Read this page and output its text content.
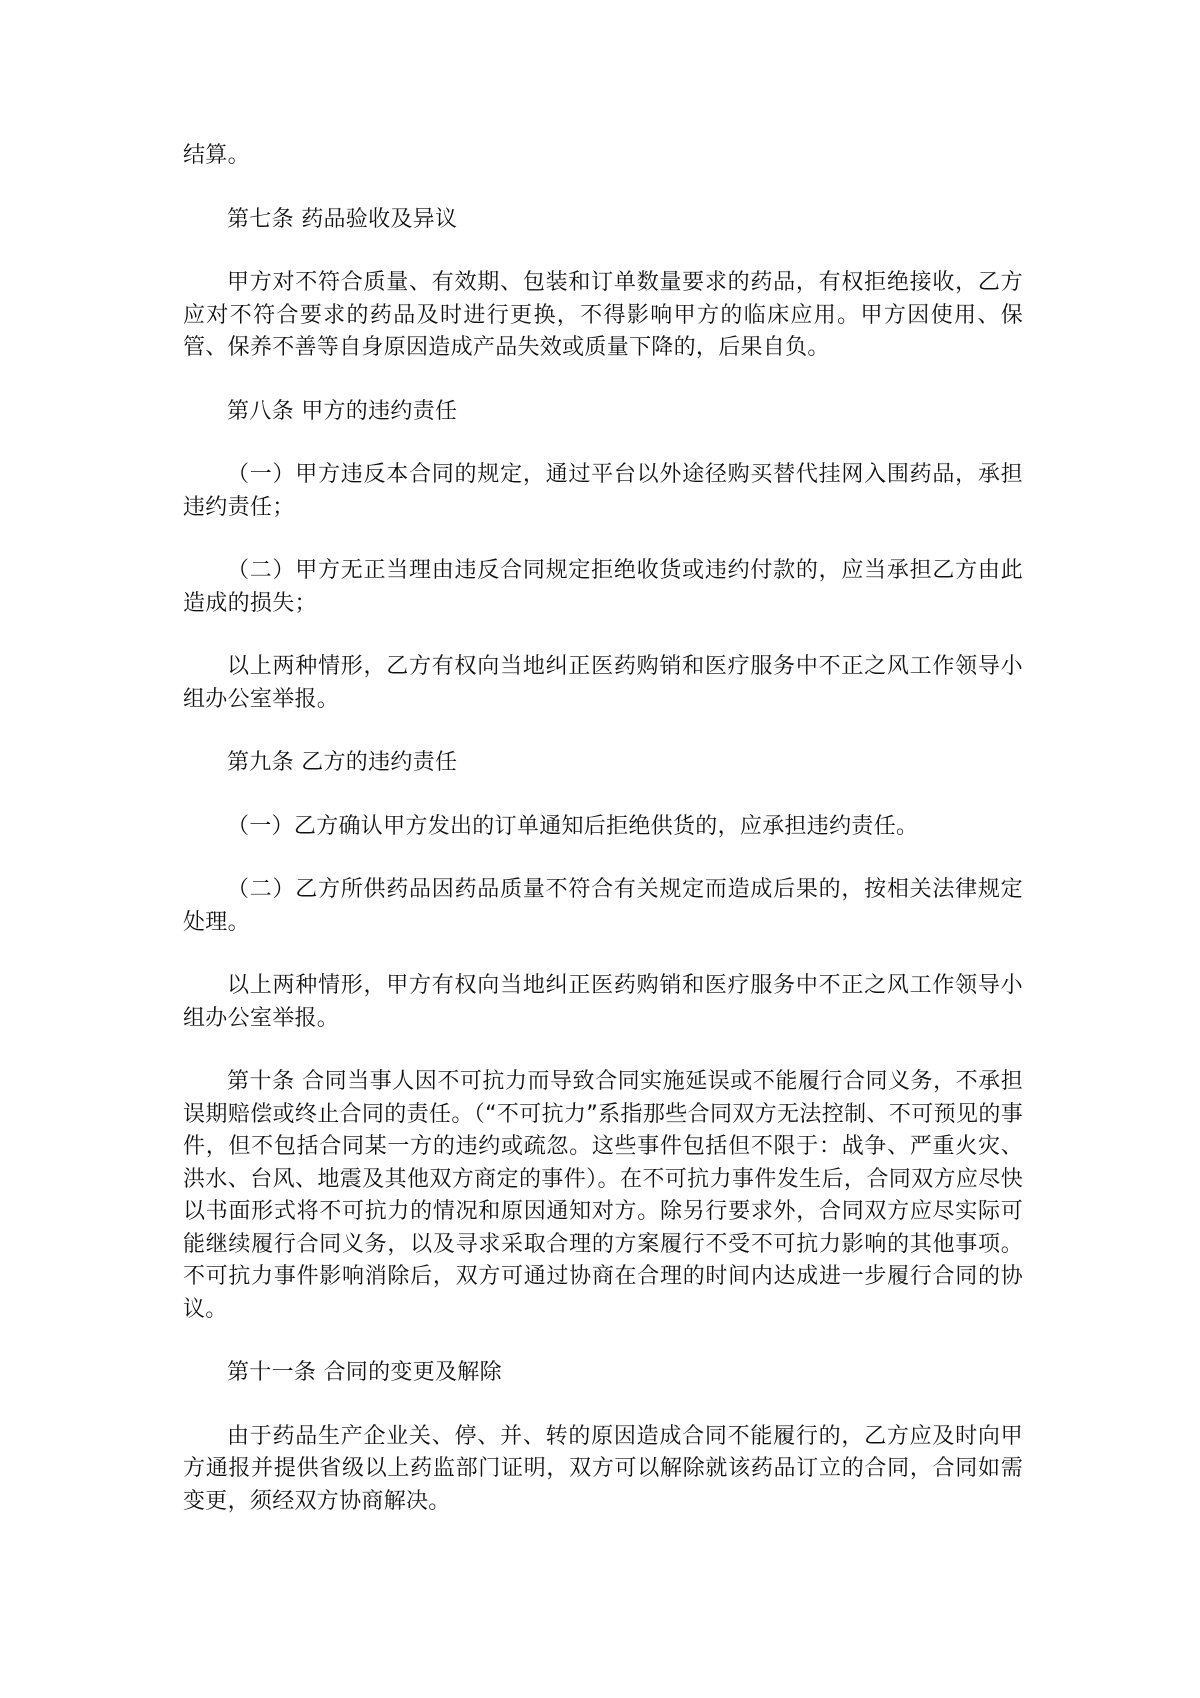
结算。

第七条 药品验收及异议

甲方对不符合质量、有效期、包装和订单数量要求的药品，有权拒绝接收，乙方应对不符合要求的药品及时进行更换，不得影响甲方的临床应用。甲方因使用、保管、保养不善等自身原因造成产品失效或质量下降的，后果自负。

第八条 甲方的违约责任

（一）甲方违反本合同的规定，通过平台以外途径购买替代挂网入围药品，承担违约责任；

（二）甲方无正当理由违反合同规定拒绝收货或违约付款的，应当承担乙方由此造成的损失；

以上两种情形，乙方有权向当地纠正医药购销和医疗服务中不正之风工作领导小组办公室举报。

第九条 乙方的违约责任

（一）乙方确认甲方发出的订单通知后拒绝供货的，应承担违约责任。

（二）乙方所供药品因药品质量不符合有关规定而造成后果的，按相关法律规定处理。

以上两种情形，甲方有权向当地纠正医药购销和医疗服务中不正之风工作领导小组办公室举报。

第十条 合同当事人因不可抗力而导致合同实施延误或不能履行合同义务，不承担误期赔偿或终止合同的责任。（“不可抗力”系指那些合同双方无法控制、不可预见的事件，但不包括合同某一方的违约或疏忽。这些事件包括但不限于：战争、严重火灾、洪水、台风、地震及其他双方商定的事件）。在不可抗力事件发生后，合同双方应尽快以书面形式将不可抗力的情况和原因通知对方。除另行要求外，合同双方应尽实际可能继续履行合同义务，以及寻求采取合理的方案履行不受不可抗力影响的其他事项。不可抗力事件影响消除后，双方可通过协商在合理的时间内达成进一步履行合同的协议。

第十一条 合同的变更及解除

由于药品生产企业关、停、并、转的原因造成合同不能履行的，乙方应及时向甲方通报并提供省级以上药监部门证明，双方可以解除就该药品订立的合同，合同如需变更，须经双方协商解决。
